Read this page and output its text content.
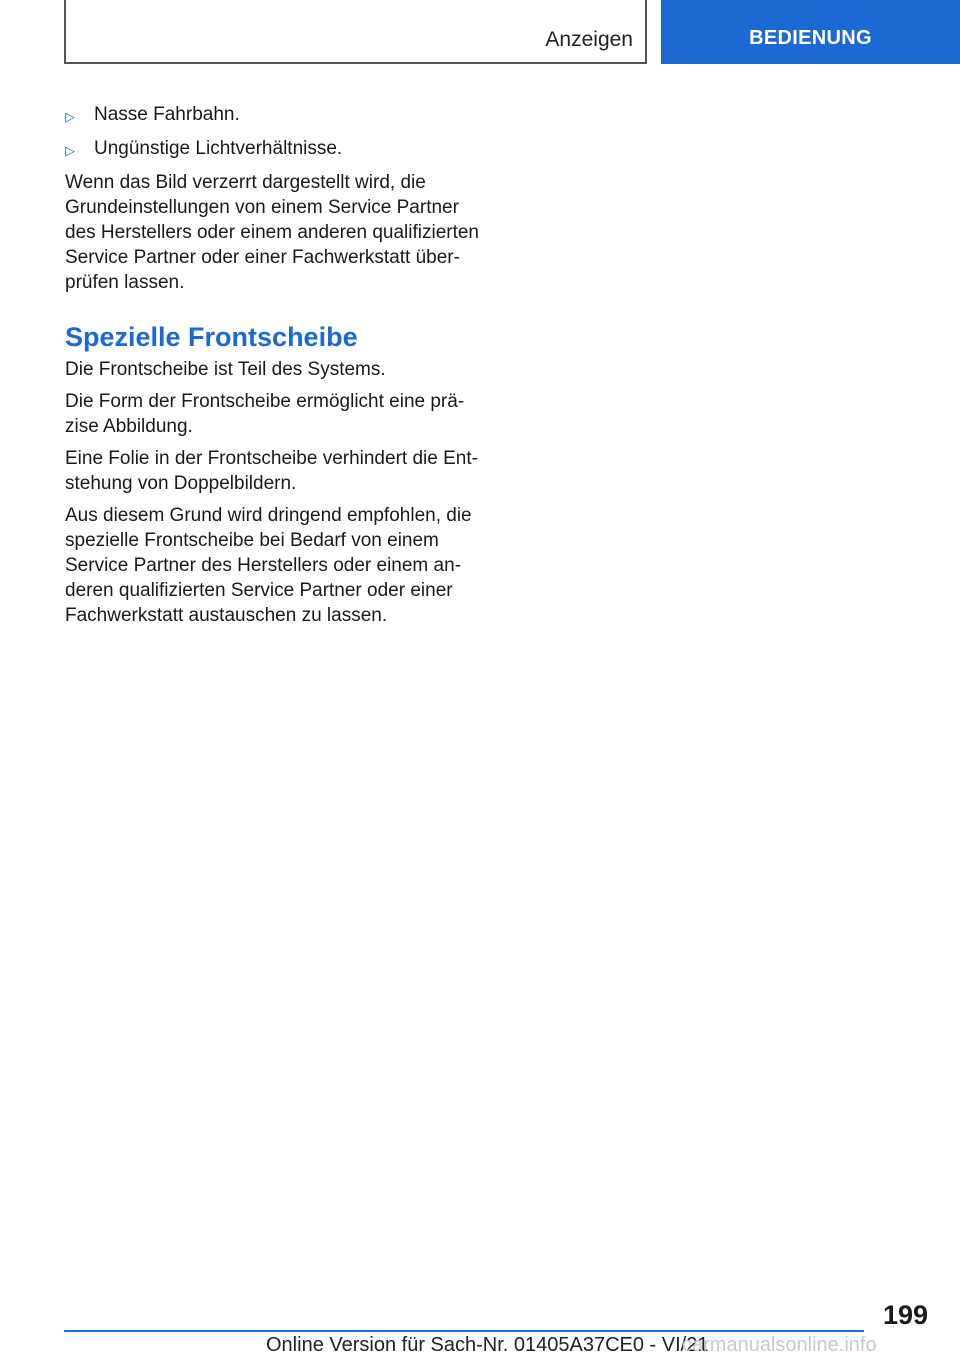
Anzeigen	BEDIENUNG
▷	Nasse Fahrbahn.
▷	Ungünstige Lichtverhältnisse.

Wenn das Bild verzerrt dargestellt wird, die Grundeinstellungen von einem Service Partner des Herstellers oder einem anderen qualifizierten Service Partner oder einer Fachwerkstatt überprüfen lassen.

Spezielle Frontscheibe

Die Frontscheibe ist Teil des Systems.

Die Form der Frontscheibe ermöglicht eine präzise Abbildung.

Eine Folie in der Frontscheibe verhindert die Entstehung von Doppelbildern.

Aus diesem Grund wird dringend empfohlen, die spezielle Frontscheibe bei Bedarf von einem Service Partner des Herstellers oder einem anderen qualifizierten Service Partner oder einer Fachwerkstatt austauschen zu lassen.

199
Online Version für Sach-Nr. 01405A37CE0 - VI/21
carmanualsonline.info
